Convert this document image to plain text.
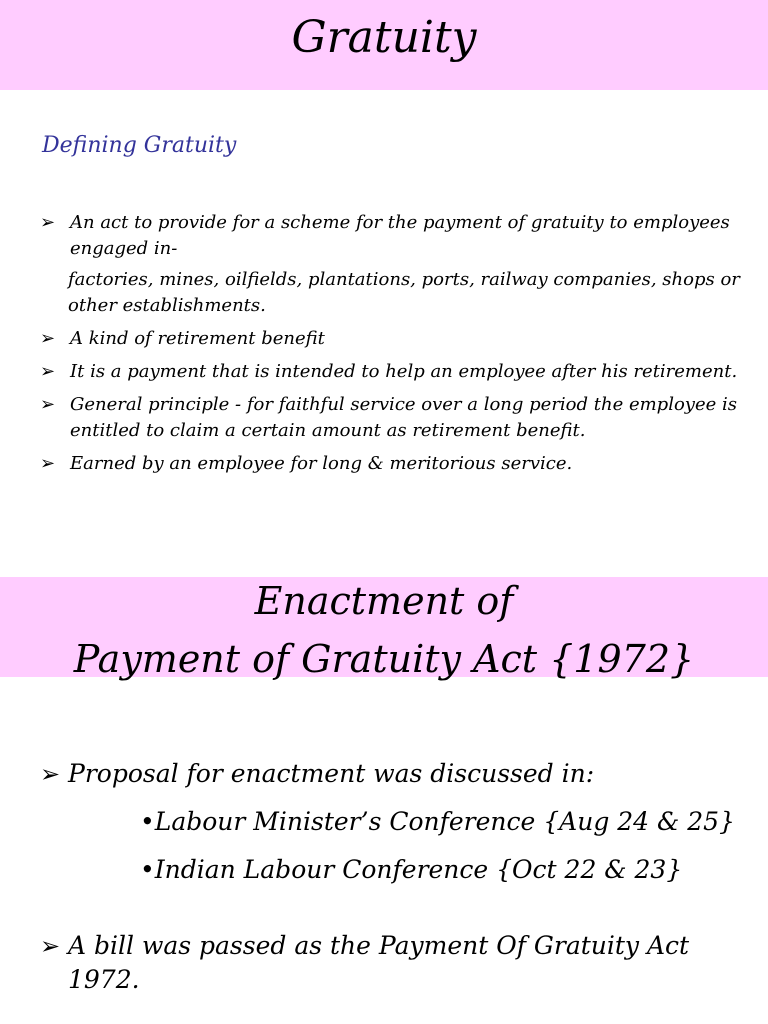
Gratuity
Defining Gratuity
➢ An act to provide for a scheme for the payment of gratuity to employees engaged in-
factories, mines, oilfields, plantations, ports, railway companies, shops or other establishments.
➢ A kind of retirement benefit
➢ It is a payment that is intended to help an employee after his retirement.
➢ General principle - for faithful service over a long period the employee is entitled to claim a certain amount as retirement benefit.
➢ Earned by an employee for long & meritorious service.
Enactment of
Payment of Gratuity Act {1972}
➢ Proposal for enactment was discussed in:
•Labour Minister’s Conference {Aug 24 & 25}
•Indian Labour Conference {Oct 22 & 23}
➢ A bill was passed as the Payment Of Gratuity Act 1972.
